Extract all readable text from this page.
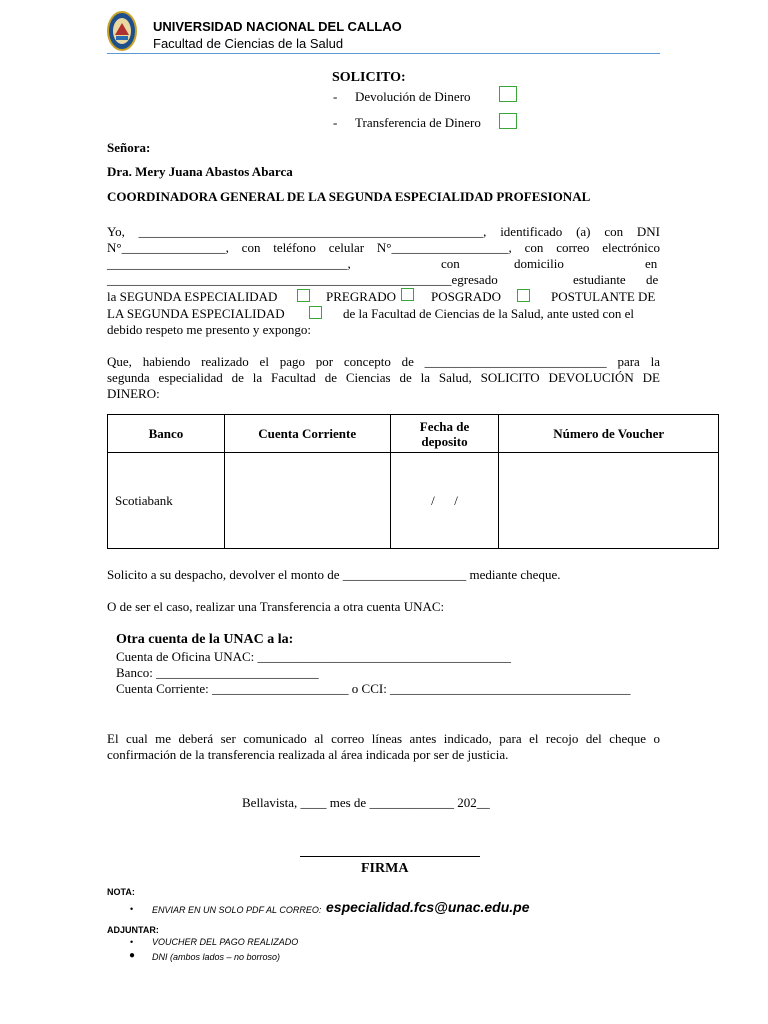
UNIVERSIDAD NACIONAL DEL CALLAO
Facultad de Ciencias de la Salud
SOLICITO:
- Devolución de Dinero
- Transferencia de Dinero
Señora:
Dra. Mery Juana Abastos Abarca
COORDINADORA GENERAL DE LA SEGUNDA ESPECIALIDAD PROFESIONAL
Yo, _____________________________________________________, identificado (a) con DNI
N°________________, con teléfono celular N°__________________, con correo electrónico
_____________________________________,	con	domicilio	en
_____________________________________________________egresado	estudiante de
la SEGUNDA ESPECIALIDAD	PREGRADO	POSGRADO	POSTULANTE DE
LA SEGUNDA ESPECIALIDAD	de la Facultad de Ciencias de la Salud, ante usted con el
debido respeto me presento y expongo:
Que, habiendo realizado el pago por concepto de ____________________________ para la
segunda especialidad de la Facultad de Ciencias de la Salud, SOLICITO DEVOLUCIÓN DE
DINERO:
Banco	Cuenta Corriente	Fecha de
deposito	Número de Voucher
Scotiabank		/      /	
Solicito a su despacho, devolver el monto de ___________________ mediante cheque.
O de ser el caso, realizar una Transferencia a otra cuenta UNAC:
Otra cuenta de la UNAC a la:
Cuenta de Oficina UNAC: _______________________________________
Banco: _________________________
Cuenta Corriente: _____________________ o CCI: _____________________________________
El cual me deberá ser comunicado al correo líneas antes indicado, para el recojo del cheque o
confirmación de la transferencia realizada al área indicada por ser de justicia.
Bellavista, ____ mes de _____________ 202__
FIRMA
NOTA:
• ENVIAR EN UN SOLO PDF AL CORREO: especialidad.fcs@unac.edu.pe
ADJUNTAR:
• VOUCHER DEL PAGO REALIZADO
● DNI (ambos lados – no borroso)
